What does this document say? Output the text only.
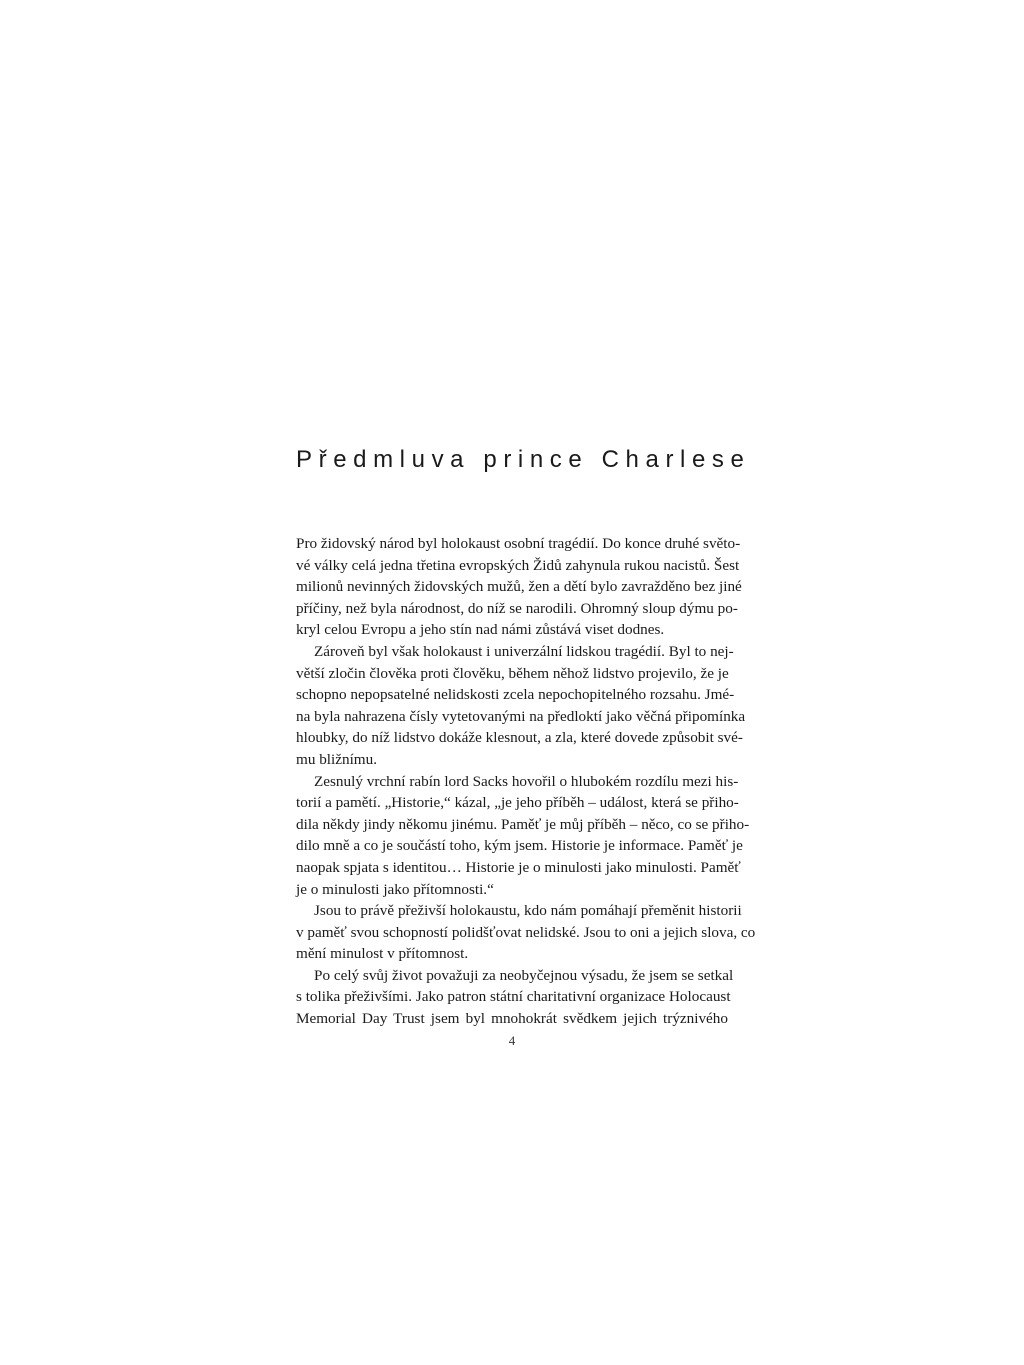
Předmluva prince Charlese
Pro židovský národ byl holokaust osobní tragédií. Do konce druhé světo-
vé války celá jedna třetina evropských Židů zahynula rukou nacistů. Šest
milionů nevinných židovských mužů, žen a dětí bylo zavražděno bez jiné
příčiny, než byla národnost, do níž se narodili. Ohromný sloup dýmu po-
kryl celou Evropu a jeho stín nad námi zůstává viset dodnes.
Zároveň byl však holokaust i univerzální lidskou tragédií. Byl to nej-
větší zločin člověka proti člověku, během něhož lidstvo projevilo, že je
schopno nepopsatelné nelidskosti zcela nepochopitelného rozsahu. Jmé-
na byla nahrazena čísly vytetovanými na předloktí jako věčná připomínka
hloubky, do níž lidstvo dokáže klesnout, a zla, které dovede způsobit své-
mu bližnímu.
Zesnulý vrchní rabín lord Sacks hovořil o hlubokém rozdílu mezi his-
torií a pamětí. „Historie,“ kázal, „je jeho příběh – událost, která se přiho-
dila někdy jindy někomu jinému. Paměť je můj příběh – něco, co se přiho-
dilo mně a co je součástí toho, kým jsem. Historie je informace. Paměť je
naopak spjata s identitou… Historie je o minulosti jako minulosti. Paměť
je o minulosti jako přítomnosti.“
Jsou to právě přeživší holokaustu, kdo nám pomáhají přeměnit historii
v paměť svou schopností polidšťovat nelidské. Jsou to oni a jejich slova, co
mění minulost v přítomnost.
Po celý svůj život považuji za neobyčejnou výsadu, že jsem se setkal
s tolika přeživšími. Jako patron státní charitativní organizace Holocaust
Memorial Day Trust jsem byl mnohokrát svědkem jejich trýznivého
4
